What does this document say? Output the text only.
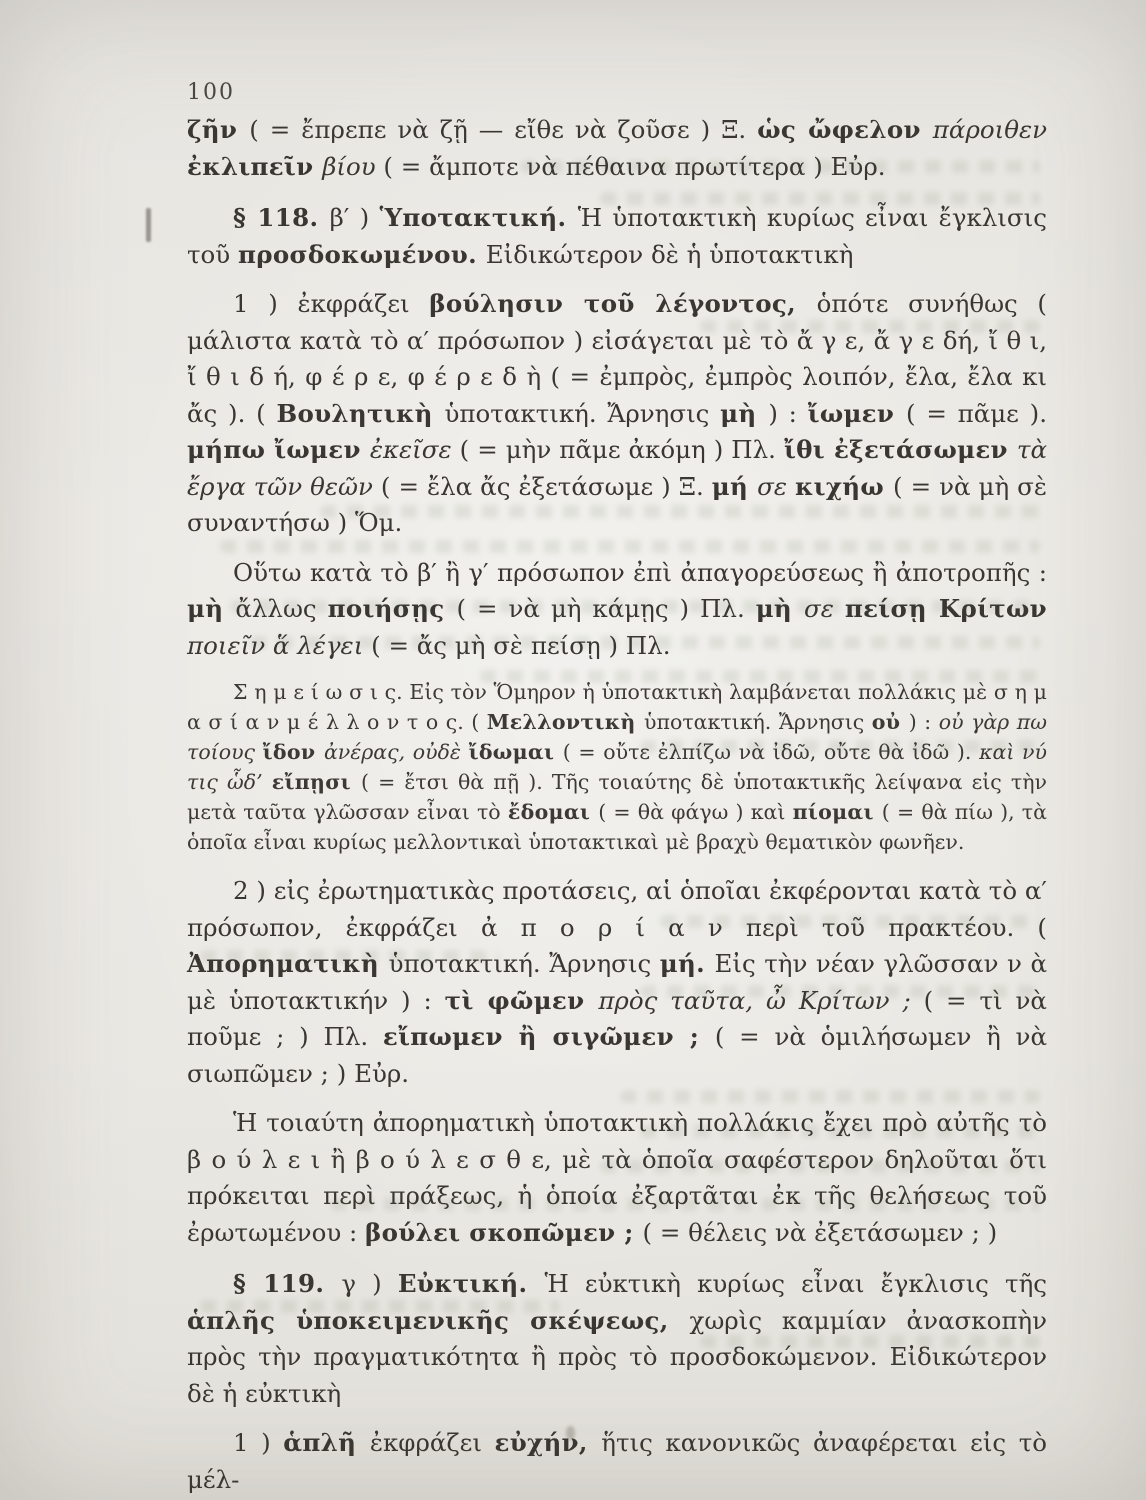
100

ζῆν ( = ἔπρεπε νὰ ζῇ — εἴθε νὰ ζοῦσε ) Ξ. ὡς ὤφελον πάροιθεν ἐκλιπεῖν βίου ( = ἄμποτε νὰ πέθαινα πρωτίτερα ) Εὐρ.

§ 118. β′ ) Ὑποτακτική. Ἡ ὑποτακτικὴ κυρίως εἶναι ἔγκλισις τοῦ προσδοκωμένου. Εἰδικώτερον δὲ ἡ ὑποτακτικὴ

1 ) ἐκφράζει βούλησιν τοῦ λέγοντος, ὁπότε συνήθως ( μάλιστα κατὰ τὸ α′ πρόσωπον ) εἰσάγεται μὲ τὸ ἄ γ ε, ἄ γ ε δή, ἴ θ ι, ἴ θ ι δ ή, φ έ ρ ε, φ έ ρ ε δ ὴ ( = ἐμπρὸς, ἐμπρὸς λοιπόν, ἔλα, ἔλα κι ἄς ). ( Βουλητικὴ ὑποτακτική. Ἄρνησις μὴ ) : ἴωμεν ( = πᾶμε ). μήπω ἴωμεν ἐκεῖσε ( = μὴν πᾶμε ἀκόμη ) Πλ. ἴθι ἐξετάσωμεν τὰ ἔργα τῶν θεῶν ( = ἔλα ἄς ἐξετάσωμε ) Ξ. μή σε κιχήω ( = νὰ μὴ σὲ συναντήσω ) Ὅμ.

Οὕτω κατὰ τὸ β′ ἢ γ′ πρόσωπον ἐπὶ ἀπαγορεύσεως ἢ ἀποτροπῆς : μὴ ἄλλως ποιήσῃς ( = νὰ μὴ κάμῃς ) Πλ. μὴ σε πείσῃ Κρίτων ποιεῖν ἅ λέγει ( = ἄς μὴ σὲ πείσῃ ) Πλ.

Σ η μ ε ί ω σ ι ς. Εἰς τὸν Ὅμηρον ἡ ὑποτακτικὴ λαμβάνεται πολλάκις μὲ σ η μ α σ ί α ν μ έ λ λ ο ν τ ο ς. ( Μελλοντικὴ ὑποτακτική. Ἄρνησις οὐ ) : οὐ γὰρ πω τοίους ἴδον ἀνέρας, οὐδὲ ἴδωμαι ( = οὔτε ἐλπίζω νὰ ἰδῶ, οὔτε θὰ ἰδῶ ). καὶ νύ τις ὧδ’ εἴπῃσι ( = ἔτσι θὰ πῇ ). Τῆς τοιαύτης δὲ ὑποτακτικῆς λείψανα εἰς τὴν μετὰ ταῦτα γλῶσσαν εἶναι τὸ ἔδομαι ( = θὰ φάγω ) καὶ πίομαι ( = θὰ πίω ), τὰ ὁποῖα εἶναι κυρίως μελλοντικαὶ ὑποτακτικαὶ μὲ βραχὺ θεματικὸν φωνῆεν.

2 ) εἰς ἐρωτηματικὰς προτάσεις, αἱ ὁποῖαι ἐκφέρονται κατὰ τὸ α′ πρόσωπον, ἐκφράζει ἀ π ο ρ ί α ν περὶ τοῦ πρακτέου. ( Ἀπορηματικὴ ὑποτακτική. Ἄρνησις μή. Εἰς τὴν νέαν γλῶσσαν ν ὰ μὲ ὑποτακτικήν ) : τὶ φῶμεν πρὸς ταῦτα, ὦ Κρίτων ; ( = τὶ νὰ ποῦμε ; ) Πλ. εἴπωμεν ἢ σιγῶμεν ; ( = νὰ ὁμιλήσωμεν ἢ νὰ σιωπῶμεν ; ) Εὐρ.

Ἡ τοιαύτη ἀπορηματικὴ ὑποτακτικὴ πολλάκις ἔχει πρὸ αὐτῆς τὸ β ο ύ λ ε ι ἢ β ο ύ λ ε σ θ ε, μὲ τὰ ὁποῖα σαφέστερον δηλοῦται ὅτι πρόκειται περὶ πράξεως, ἡ ὁποία ἐξαρτᾶται ἐκ τῆς θελήσεως τοῦ ἐρωτωμένου : βούλει σκοπῶμεν ; ( = θέλεις νὰ ἐξετάσωμεν ; )

§ 119. γ ) Εὐκτική. Ἡ εὐκτικὴ κυρίως εἶναι ἔγκλισις τῆς ἁπλῆς ὑποκειμενικῆς σκέψεως, χωρὶς καμμίαν ἀνασκοπὴν πρὸς τὴν πραγματικότητα ἢ πρὸς τὸ προσδοκώμενον. Εἰδικώτερον δὲ ἡ εὐκτικὴ

1 ) ἁπλῆ ἐκφράζει εὐχήν, ἥτις κανονικῶς ἀναφέρεται εἰς τὸ μέλ-
